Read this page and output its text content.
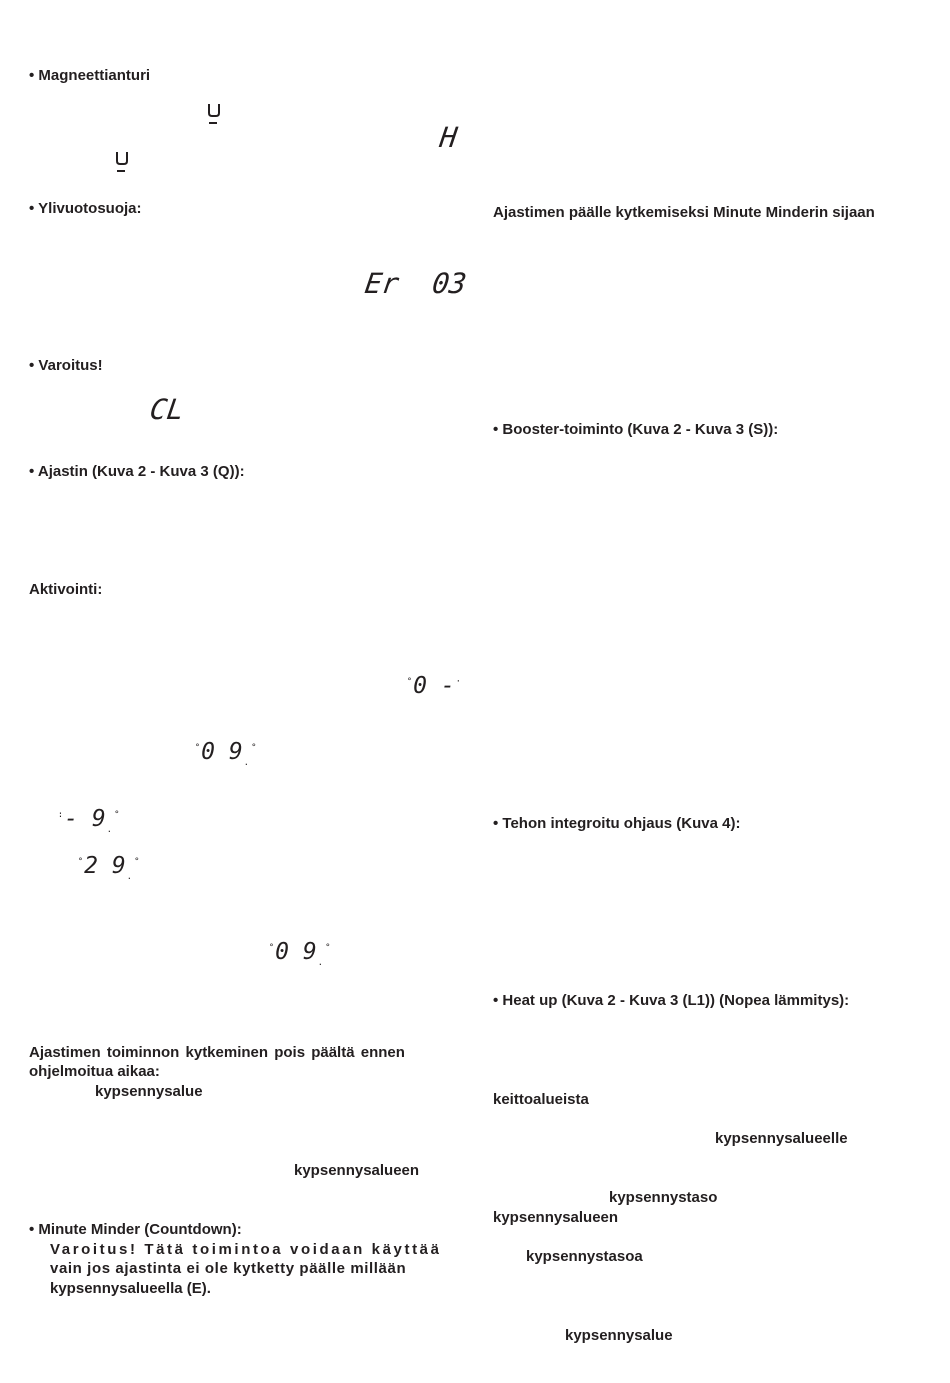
• Magneettianturi
H
• Ylivuotosuoja:
Er  03
• Varoitus!
CL
• Ajastin (Kuva 2 - Kuva 3 (Q)):
Aktivointi:

°0 -·

°0 $9_.^\circ$

:- $9_.^\circ$

°2 $9_.^\circ$

°0 $9_.^\circ$

Ajastimen toiminnon kytkeminen pois päältä ennen
ohjelmoitua aikaa:
kypsennysalue
kypsennysalueen
• Minute Minder (Countdown):
Varoitus! Tätä toimintoa voidaan käyttää
vain jos ajastinta ei ole kytketty päälle millään
kypsennysalueella (E).
Ajastimen päälle kytkemiseksi Minute Minderin sijaan
• Booster-toiminto (Kuva 2 - Kuva 3 (S)):
• Tehon integroitu ohjaus (Kuva 4):
• Heat up (Kuva 2 - Kuva 3 (L1)) (Nopea lämmitys):
keittoalueista
kypsennysalueelle
kypsennystaso
kypsennysalueen
kypsennystasoa
kypsennysalue
